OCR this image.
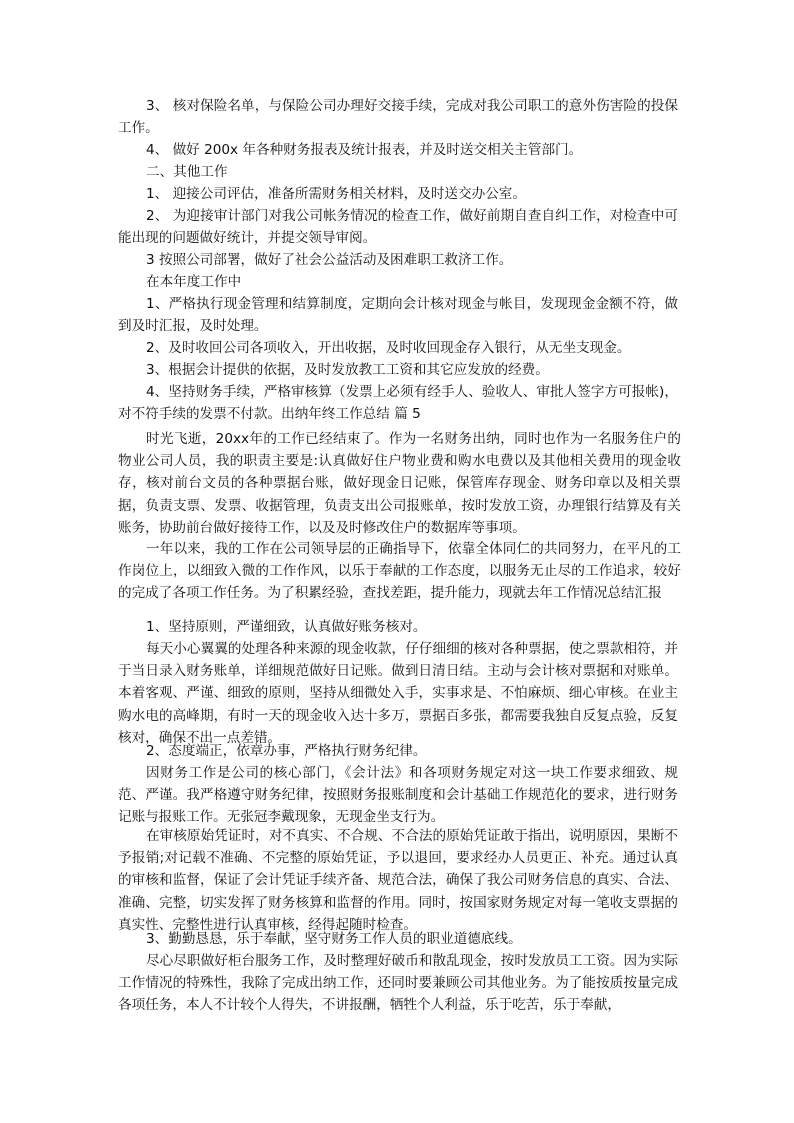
3、 核对保险名单，与保险公司办理好交接手续，完成对我公司职工的意外伤害险的投保工作。

4、 做好 200x 年各种财务报表及统计报表，并及时送交相关主管部门。

二、其他工作

1、 迎接公司评估，准备所需财务相关材料，及时送交办公室。

2、 为迎接审计部门对我公司帐务情况的检查工作，做好前期自查自纠工作，对检查中可能出现的问题做好统计，并提交领导审阅。

3 按照公司部署，做好了社会公益活动及困难职工救济工作。

在本年度工作中

1、严格执行现金管理和结算制度，定期向会计核对现金与帐目，发现现金金额不符，做到及时汇报，及时处理。

2、及时收回公司各项收入，开出收据，及时收回现金存入银行，从无坐支现金。

3、根据会计提供的依据，及时发放教工工资和其它应发放的经费。

4、坚持财务手续，严格审核算（发票上必须有经手人、验收人、审批人签字方可报帐)，对不符手续的发票不付款。出纳年终工作总结 篇 5

时光飞逝，20xx年的工作已经结束了。作为一名财务出纳，同时也作为一名服务住户的物业公司人员，我的职责主要是:认真做好住户物业费和购水电费以及其他相关费用的现金收存，核对前台文员的各种票据台账，做好现金日记账，保管库存现金、财务印章以及相关票据，负责支票、发票、收据管理，负责支出公司报账单，按时发放工资，办理银行结算及有关账务，协助前台做好接待工作，以及及时修改住户的数据库等事项。

一年以来，我的工作在公司领导层的正确指导下，依靠全体同仁的共同努力，在平凡的工作岗位上，以细致入微的工作作风，以乐于奉献的工作态度，以服务无止尽的工作追求，较好的完成了各项工作任务。为了积累经验，查找差距，提升能力，现就去年工作情况总结汇报

1、坚持原则，严谨细致，认真做好账务核对。

每天小心翼翼的处理各种来源的现金收款，仔仔细细的核对各种票据，使之票款相符，并于当日录入财务账单，详细规范做好日记账。做到日清日结。主动与会计核对票据和对账单。本着客观、严谨、细致的原则，坚持从细微处入手，实事求是、不怕麻烦、细心审核。在业主购水电的高峰期，有时一天的现金收入达十多万，票据百多张，都需要我独自反复点验，反复核对，确保不出一点差错。

2、态度端正，依章办事，严格执行财务纪律。

因财务工作是公司的核心部门，《会计法》和各项财务规定对这一块工作要求细致、规范、严谨。我严格遵守财务纪律，按照财务报账制度和会计基础工作规范化的要求，进行财务记账与报账工作。无张冠李戴现象，无现金坐支行为。

在审核原始凭证时，对不真实、不合规、不合法的原始凭证敢于指出，说明原因，果断不予报销;对记载不准确、不完整的原始凭证，予以退回，要求经办人员更正、补充。通过认真的审核和监督，保证了会计凭证手续齐备、规范合法，确保了我公司财务信息的真实、合法、准确、完整，切实发挥了财务核算和监督的作用。同时，按国家财务规定对每一笔收支票据的真实性、完整性进行认真审核，经得起随时检查。

3、勤勤恳恳，乐于奉献，坚守财务工作人员的职业道德底线。

尽心尽职做好柜台服务工作，及时整理好破币和散乱现金，按时发放员工工资。因为实际工作情况的特殊性，我除了完成出纳工作，还同时要兼顾公司其他业务。为了能按质按量完成各项任务，本人不计较个人得失，不讲报酬，牺牲个人利益，乐于吃苦，乐于奉献，
